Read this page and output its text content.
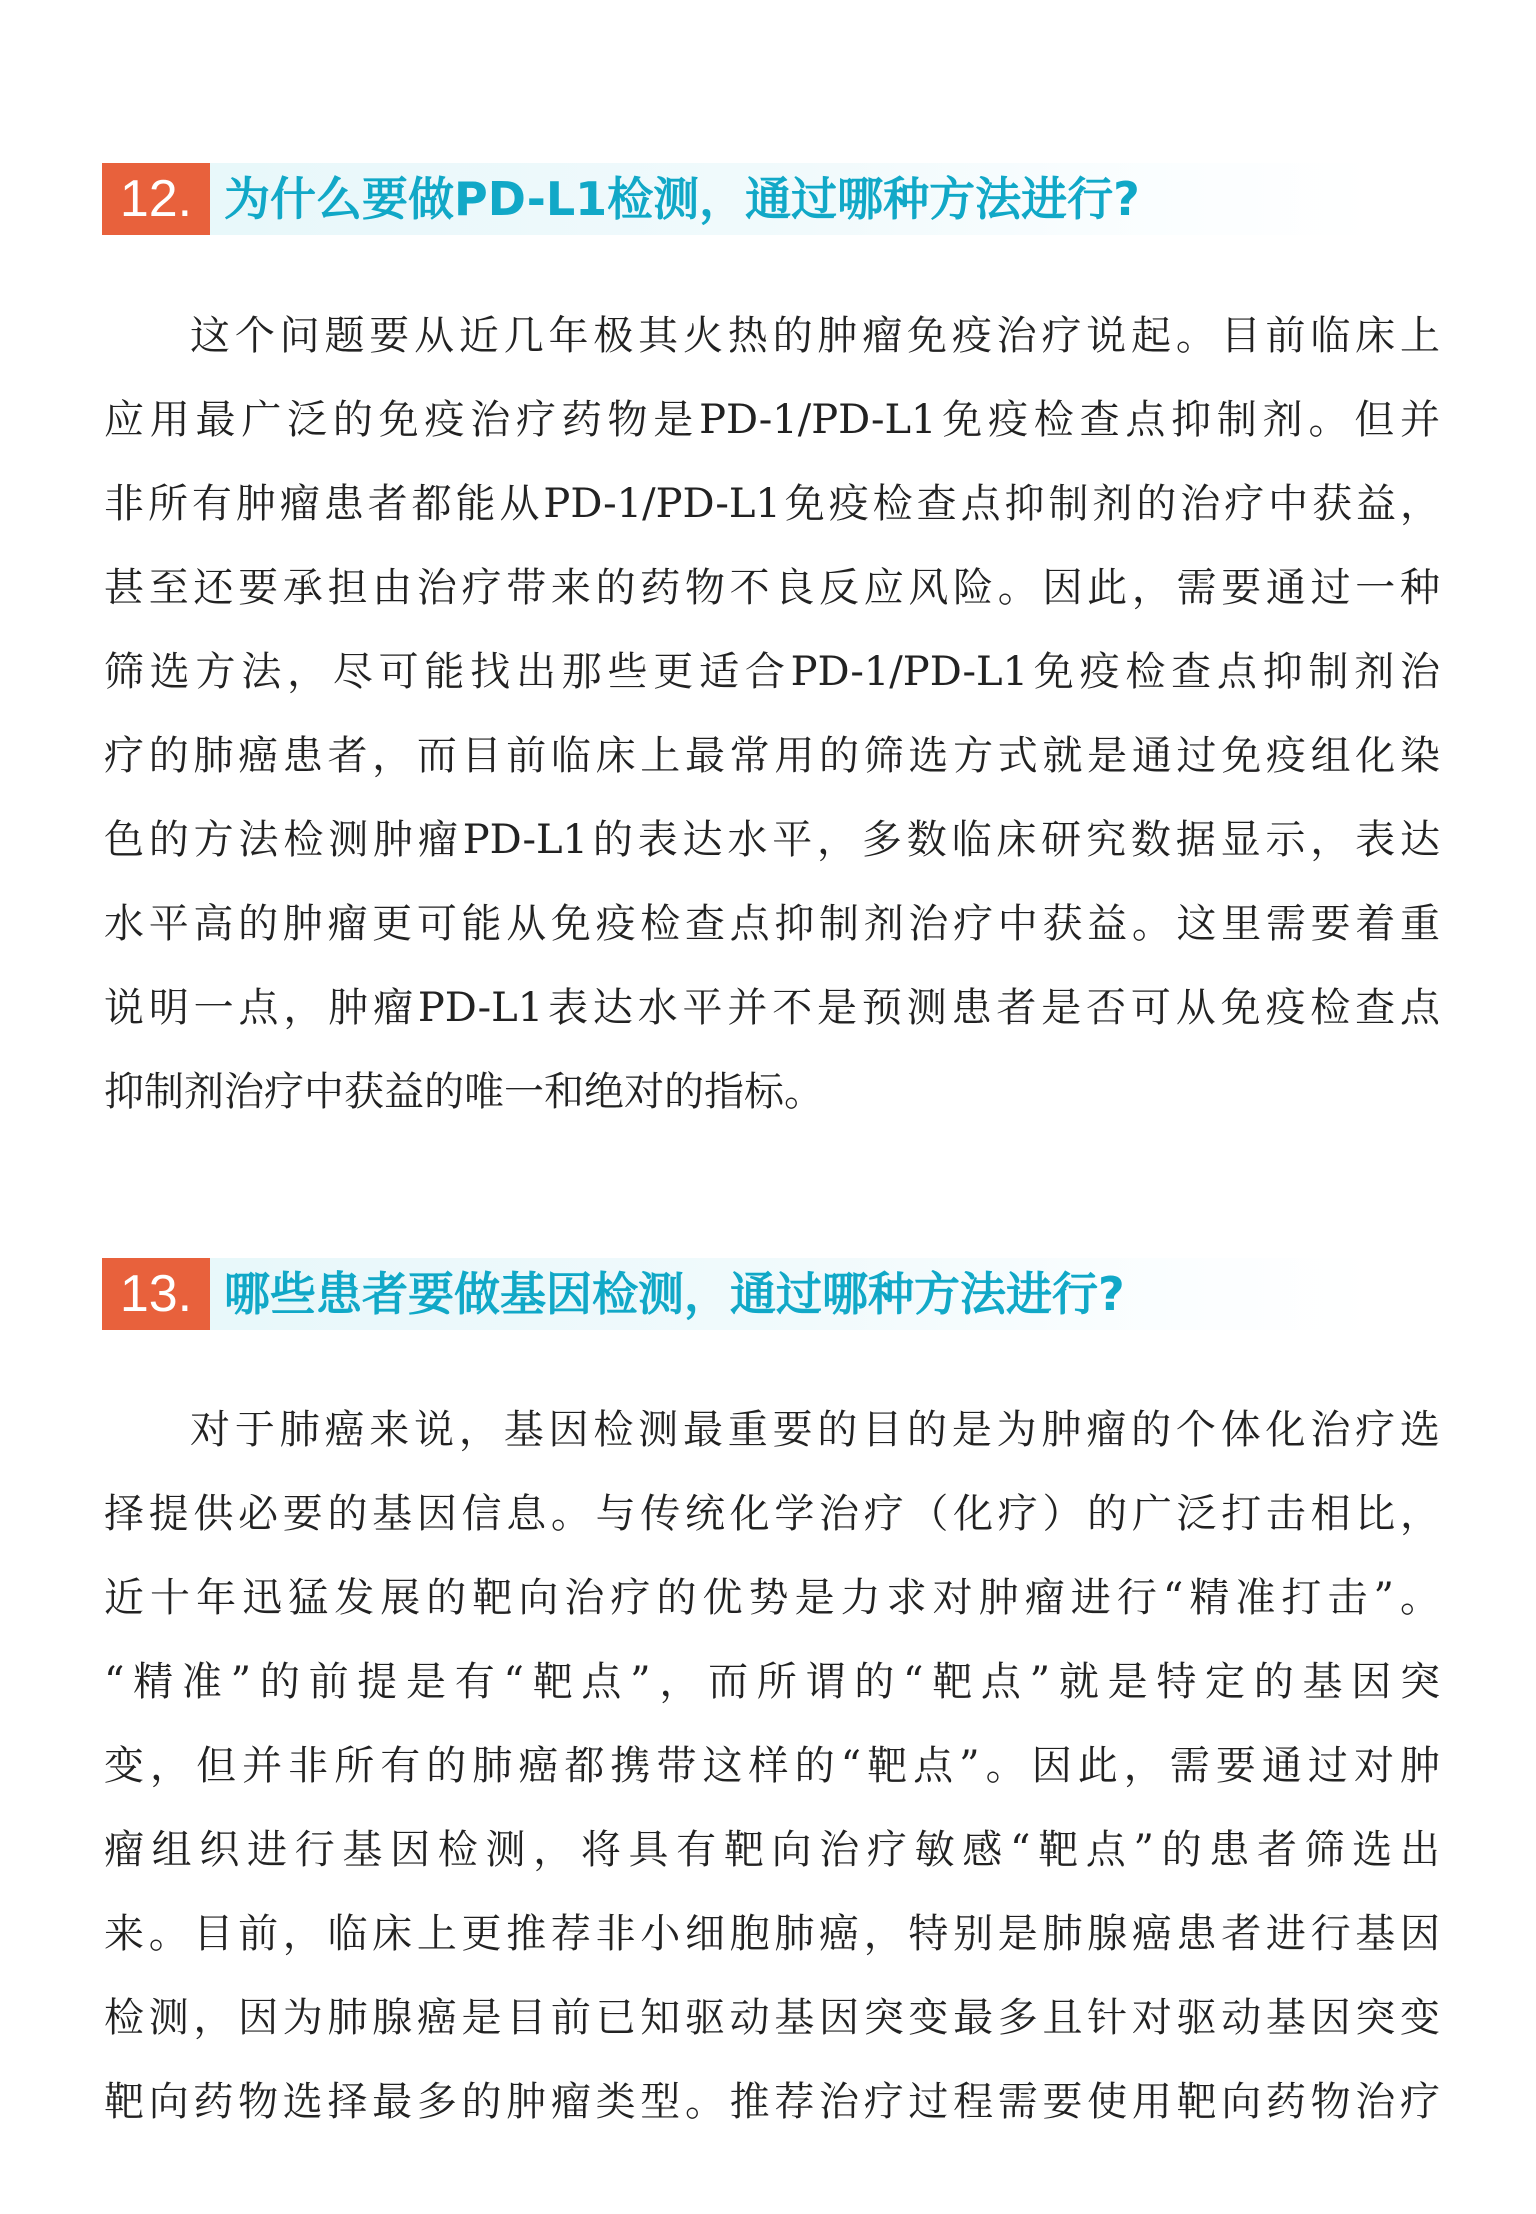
12. 为什么要做PD-L1检测，通过哪种方法进行?
这个问题要从近几年极其火热的肿瘤免疫治疗说起。目前临床上
应用最广泛的免疫治疗药物是PD-1/PD-L1免疫检查点抑制剂。但并
非所有肿瘤患者都能从PD-1/PD-L1免疫检查点抑制剂的治疗中获益，
甚至还要承担由治疗带来的药物不良反应风险。因此，需要通过一种
筛选方法，尽可能找出那些更适合PD-1/PD-L1免疫检查点抑制剂治
疗的肺癌患者，而目前临床上最常用的筛选方式就是通过免疫组化染
色的方法检测肿瘤PD-L1的表达水平，多数临床研究数据显示，表达
水平高的肿瘤更可能从免疫检查点抑制剂治疗中获益。这里需要着重
说明一点，肿瘤PD-L1表达水平并不是预测患者是否可从免疫检查点
抑制剂治疗中获益的唯一和绝对的指标。
13. 哪些患者要做基因检测，通过哪种方法进行?
对于肺癌来说，基因检测最重要的目的是为肿瘤的个体化治疗选
择提供必要的基因信息。与传统化学治疗（化疗）的广泛打击相比，
近十年迅猛发展的靶向治疗的优势是力求对肿瘤进行“精准打击”。
“精准”的前提是有“靶点”，而所谓的“靶点”就是特定的基因突
变，但并非所有的肺癌都携带这样的“靶点”。因此，需要通过对肿
瘤组织进行基因检测，将具有靶向治疗敏感“靶点”的患者筛选出
来。目前，临床上更推荐非小细胞肺癌，特别是肺腺癌患者进行基因
检测，因为肺腺癌是目前已知驱动基因突变最多且针对驱动基因突变
靶向药物选择最多的肿瘤类型。推荐治疗过程需要使用靶向药物治疗
